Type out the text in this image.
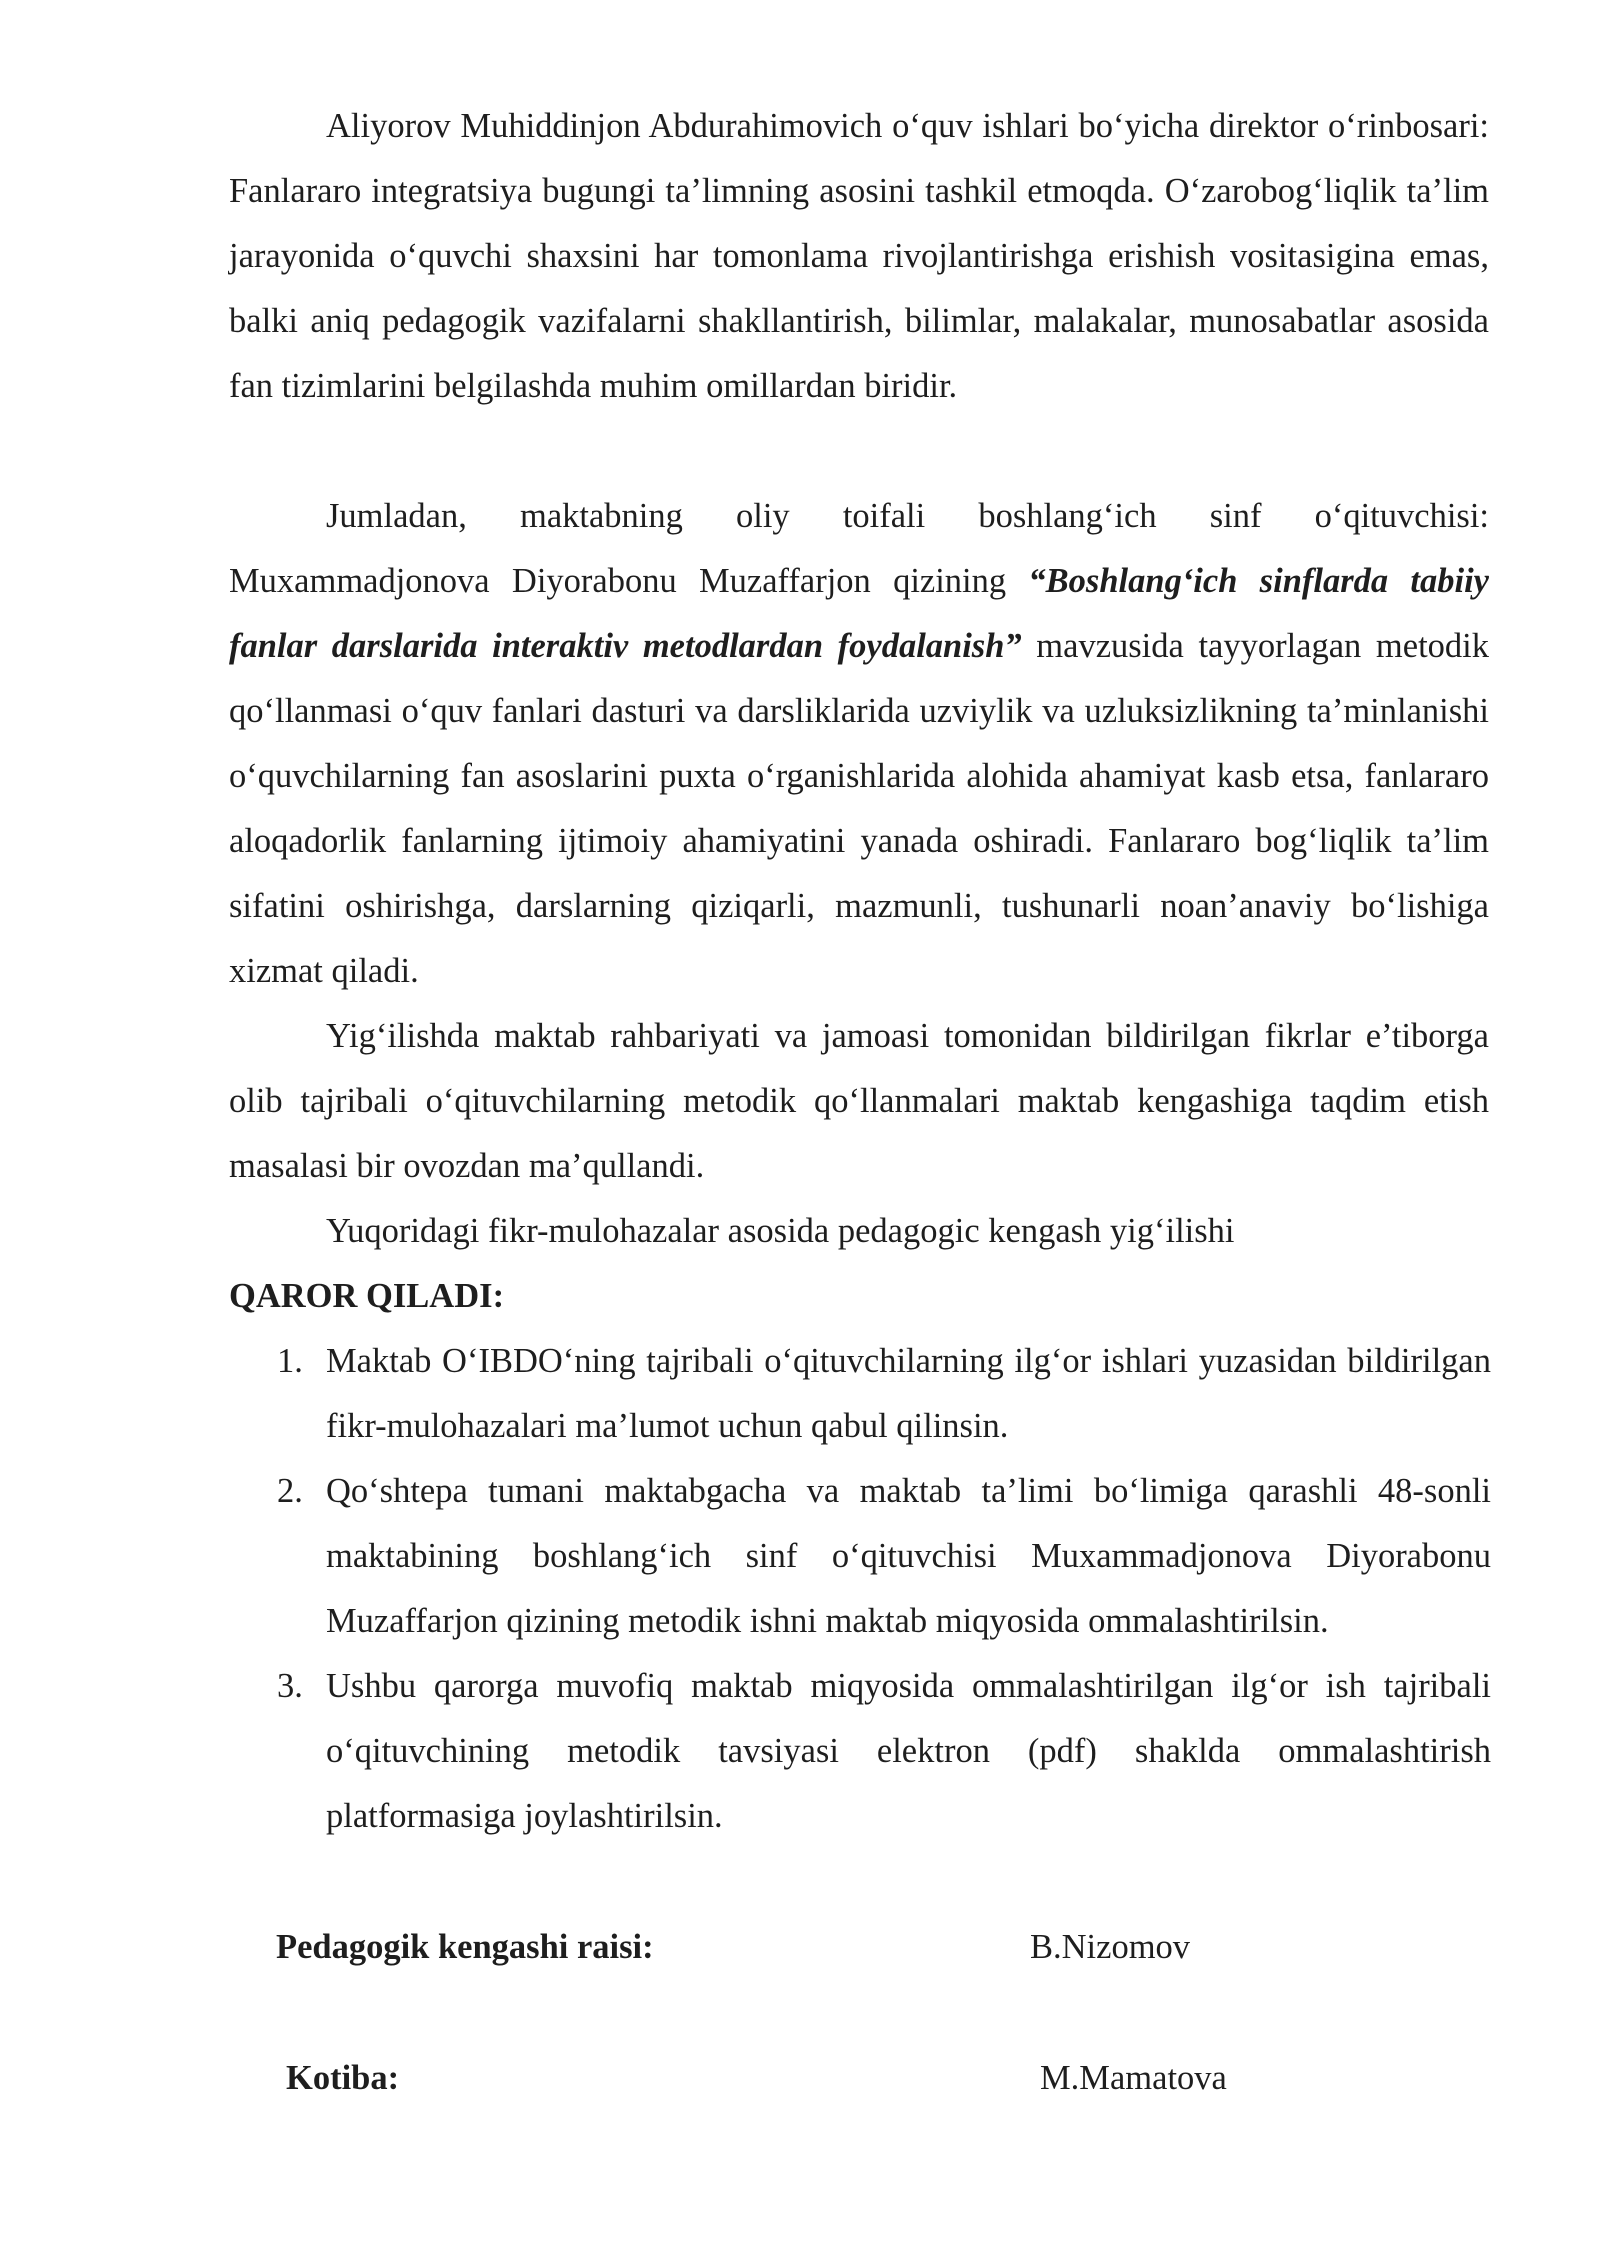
Aliyorov Muhiddinjon Abdurahimovich o‘quv ishlari bo‘yicha direktor o‘rinbosari: Fanlararo integratsiya bugungi ta’limning asosini tashkil etmoqda. O‘zarobog‘liqlik ta’lim jarayonida o‘quvchi shaxsini har tomonlama rivojlantirishga erishish vositasigina emas, balki aniq pedagogik vazifalarni shakllantirish, bilimlar, malakalar, munosabatlar asosida fan tizimlarini belgilashda muhim omillardan biridir.

Jumladan, maktabning oliy toifali boshlang‘ich sinf o‘qituvchisi: Muxammadjonova Diyorabonu Muzaffarjon qizining “Boshlang‘ich sinflarda tabiiy fanlar darslarida interaktiv metodlardan foydalanish” mavzusida tayyorlagan metodik qo‘llanmasi o‘quv fanlari dasturi va darsliklarida uzviylik va uzluksizlikning ta’minlanishi o‘quvchilarning fan asoslarini puxta o‘rganishlarida alohida ahamiyat kasb etsa, fanlararo aloqadorlik fanlarning ijtimoiy ahamiyatini yanada oshiradi. Fanlararo bog‘liqlik ta’lim sifatini oshirishga, darslarning qiziqarli, mazmunli, tushunarli noan’anaviy bo‘lishiga xizmat qiladi.

Yig‘ilishda maktab rahbariyati va jamoasi tomonidan bildirilgan fikrlar e’tiborga olib tajribali o‘qituvchilarning metodik qo‘llanmalari maktab kengashiga taqdim etish masalasi bir ovozdan ma’qullandi.

Yuqoridagi fikr-mulohazalar asosida pedagogic kengash yig‘ilishi

QAROR QILADI:
1. Maktab O‘IBDO‘ning tajribali o‘qituvchilarning ilg‘or ishlari yuzasidan bildirilgan fikr-mulohazalari ma’lumot uchun qabul qilinsin.
2. Qo‘shtepa tumani maktabgacha va maktab ta’limi bo‘limiga qarashli 48-sonli maktabining boshlang‘ich sinf o‘qituvchisi Muxammadjonova Diyorabonu Muzaffarjon qizining metodik ishni maktab miqyosida ommalashtirilsin.
3. Ushbu qarorga muvofiq maktab miqyosida ommalashtirilgan ilg‘or ish tajribali o‘qituvchining metodik tavsiyasi elektron (pdf) shaklda ommalashtirish platformasiga joylashtirilsin.
Pedagogik kengashi raisi:	B.Nizomov
Kotiba:	M.Mamatova
